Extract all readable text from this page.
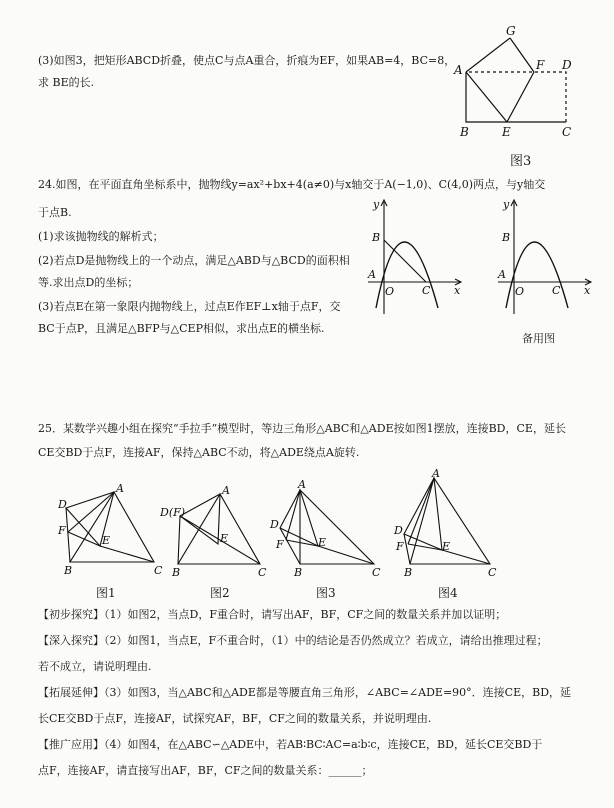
(3)如图3，把矩形ABCD折叠，使点C与点A重合，折痕为EF，如果AB=4，BC=8，
求 BE的长.
G
A	F D
B	E	C
图3
24.如图，在平面直角坐标系中，抛物线y=ax²+bx+4(a≠0)与x轴交于A(−1,0)、C(4,0)两点，与y轴交
于点B.
(1)求该抛物线的解析式；
(2)若点D是抛物线上的一个动点，满足△ABD与△BCD的面积相
等.求出点D的坐标；
(3)若点E在第一象限内抛物线上，过点E作EF⊥x轴于点F，交
BC于点P，且满足△BFP与△CEP相似，求出点E的横坐标.
y
x
B
A
O	C
y
x
B
A
O	C
备用图
25．某数学兴趣小组在探究“手拉手”模型时，等边三角形△ABC和△ADE按如图1摆放，连接BD，CE，延长
CE交BD于点F，连接AF，保持△ABC不动，将△ADE绕点A旋转.
A
D
F
E
B	C
图1
A
D(F)
E
B	C
图2
A
D
F	E
B	C
图3
A
D
F	E
B	C
图4
【初步探究】（1）如图2，当点D，F重合时，请写出AF，BF，CF之间的数量关系并加以证明；
【深入探究】（2）如图1，当点E，F不重合时，（1）中的结论是否仍然成立？若成立，请给出推理过程；
若不成立，请说明理由.
【拓展延伸】（3）如图3，当△ABC和△ADE都是等腰直角三角形，∠ABC=∠ADE=90°．连接CE，BD，延
长CE交BD于点F，连接AF，试探究AF，BF，CF之间的数量关系，并说明理由.
【推广应用】（4）如图4，在△ABC∽△ADE中，若AB∶BC∶AC=a∶b∶c，连接CE，BD，延长CE交BD于
点F，连接AF，请直接写出AF，BF，CF之间的数量关系：______；
